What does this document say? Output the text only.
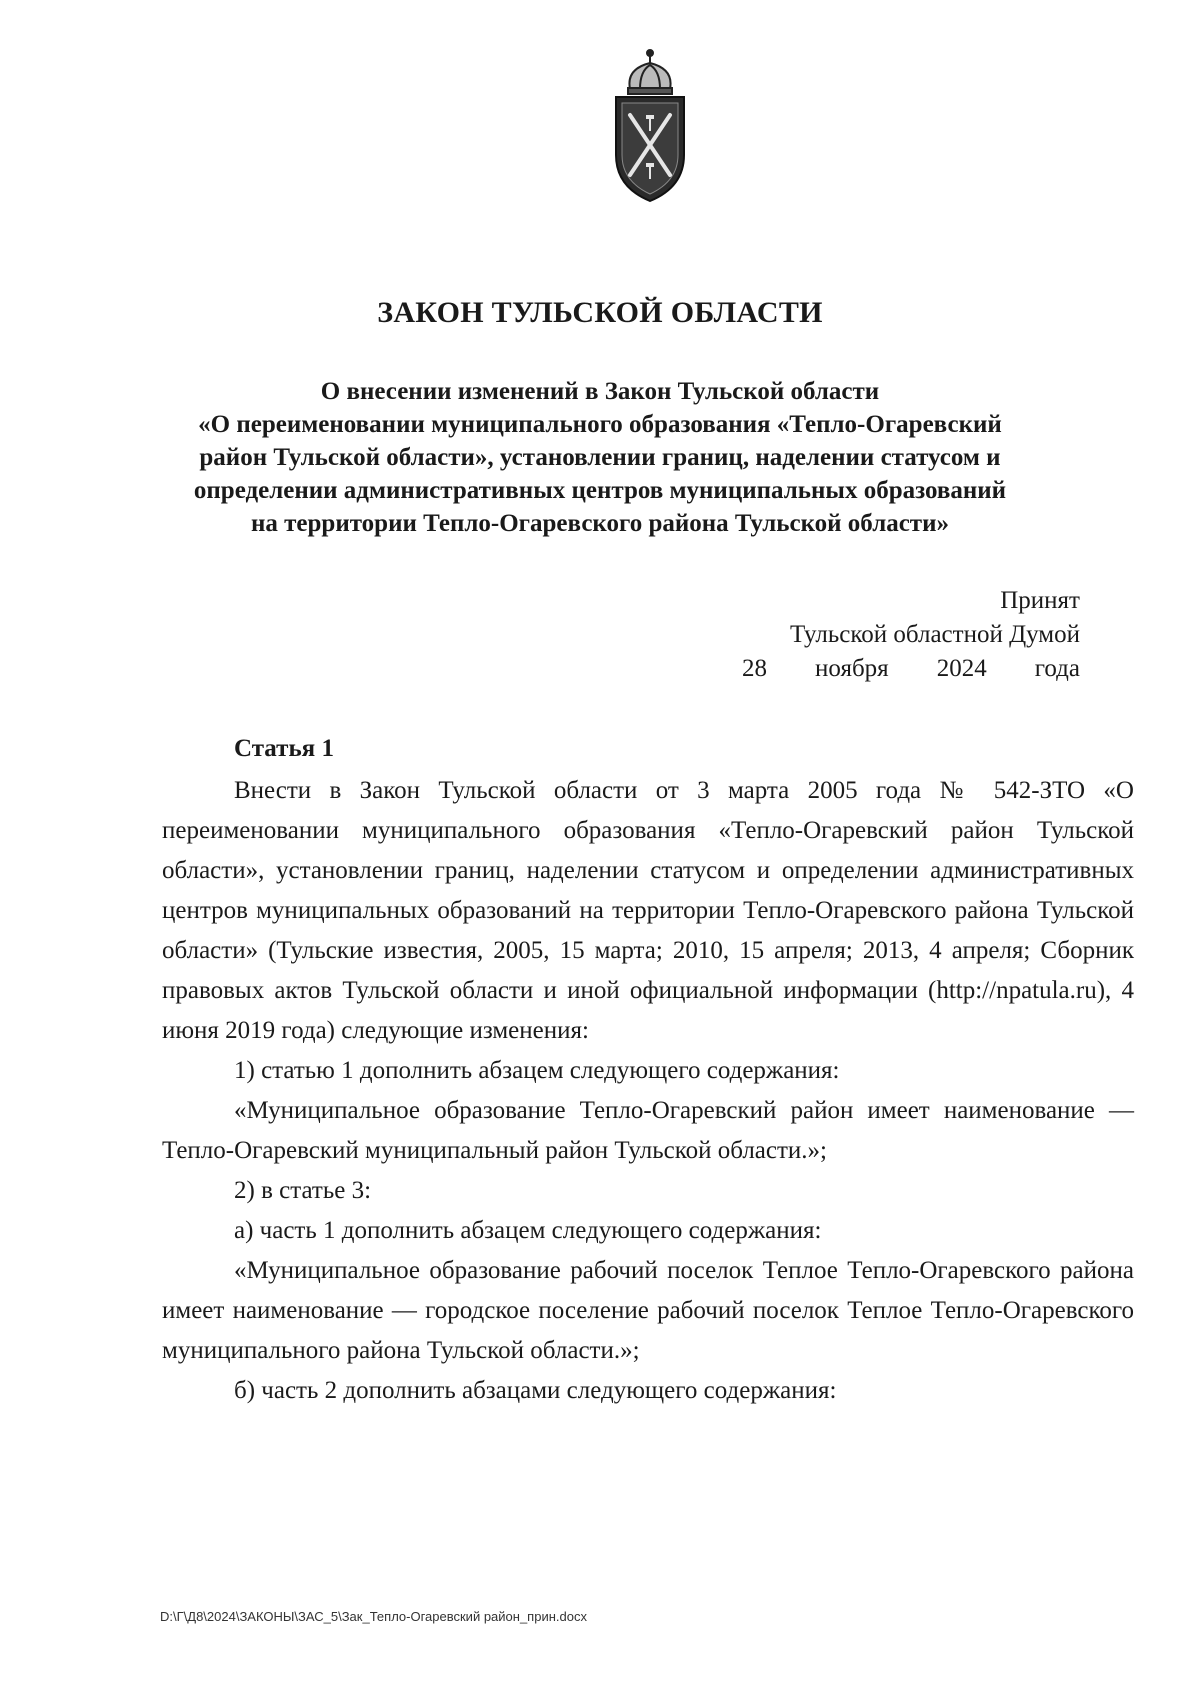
ЗАКОН ТУЛЬСКОЙ ОБЛАСТИ
О внесении изменений в Закон Тульской области
«О переименовании муниципального образования «Тепло-Огаревский
район Тульской области», установлении границ, наделении статусом и
определении административных центров муниципальных образований
на территории Тепло-Огаревского района Тульской области»
Принят
Тульской областной Думой
28 ноября 2024 года
Статья 1

Внести в Закон Тульской области от 3 марта 2005 года № 542-ЗТО «О переименовании муниципального образования «Тепло-Огаревский район Тульской области», установлении границ, наделении статусом и определении административных центров муниципальных образований на территории Тепло-Огаревского района Тульской области» (Тульские известия, 2005, 15 марта; 2010, 15 апреля; 2013, 4 апреля; Сборник правовых актов Тульской области и иной официальной информации (http://npatula.ru), 4 июня 2019 года) следующие изменения:

1) статью 1 дополнить абзацем следующего содержания:

«Муниципальное образование Тепло-Огаревский район имеет наименование — Тепло-Огаревский муниципальный район Тульской области.»;

2) в статье 3:

а) часть 1 дополнить абзацем следующего содержания:

«Муниципальное образование рабочий поселок Теплое Тепло-Огаревского района имеет наименование — городское поселение рабочий поселок Теплое Тепло-Огаревского муниципального района Тульской области.»;

б) часть 2 дополнить абзацами следующего содержания:

D:\Г\Д8\2024\ЗАКОНЫ\ЗАС_5\Зак_Тепло-Огаревский район_прин.docx
